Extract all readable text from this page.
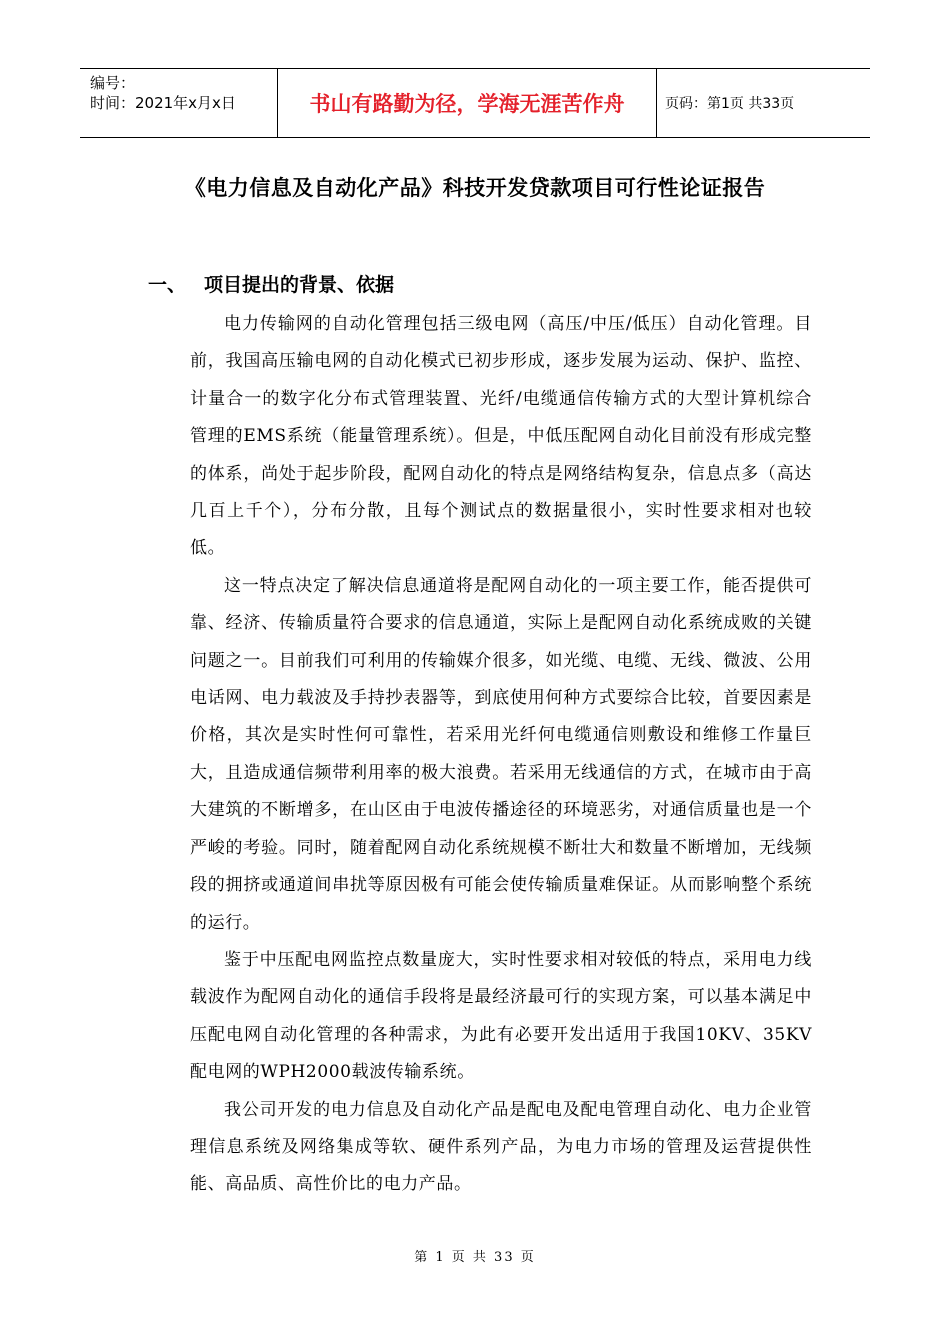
编号：
时间：2021年x月x日	书山有路勤为径，学海无涯苦作舟	页码：第1页 共33页
《电力信息及自动化产品》科技开发贷款项目可行性论证报告
一、 项目提出的背景、依据

电力传输网的自动化管理包括三级电网（高压/中压/低压）自动化管理。目前，我国高压输电网的自动化模式已初步形成，逐步发展为运动、保护、监控、计量合一的数字化分布式管理装置、光纤/电缆通信传输方式的大型计算机综合管理的EMS系统（能量管理系统）。但是，中低压配网自动化目前没有形成完整的体系，尚处于起步阶段，配网自动化的特点是网络结构复杂，信息点多（高达几百上千个），分布分散，且每个测试点的数据量很小，实时性要求相对也较低。

这一特点决定了解决信息通道将是配网自动化的一项主要工作，能否提供可靠、经济、传输质量符合要求的信息通道，实际上是配网自动化系统成败的关键问题之一。目前我们可利用的传输媒介很多，如光缆、电缆、无线、微波、公用电话网、电力载波及手持抄表器等，到底使用何种方式要综合比较，首要因素是价格，其次是实时性何可靠性，若采用光纤何电缆通信则敷设和维修工作量巨大，且造成通信频带利用率的极大浪费。若采用无线通信的方式，在城市由于高大建筑的不断增多，在山区由于电波传播途径的环境恶劣，对通信质量也是一个严峻的考验。同时，随着配网自动化系统规模不断壮大和数量不断增加，无线频段的拥挤或通道间串扰等原因极有可能会使传输质量难保证。从而影响整个系统的运行。

鉴于中压配电网监控点数量庞大，实时性要求相对较低的特点，采用电力线载波作为配网自动化的通信手段将是最经济最可行的实现方案，可以基本满足中压配电网自动化管理的各种需求，为此有必要开发出适用于我国10KV、35KV配电网的WPH2000载波传输系统。

我公司开发的电力信息及自动化产品是配电及配电管理自动化、电力企业管理信息系统及网络集成等软、硬件系列产品，为电力市场的管理及运营提供性能、高品质、高性价比的电力产品。

第 1 页 共 33 页
